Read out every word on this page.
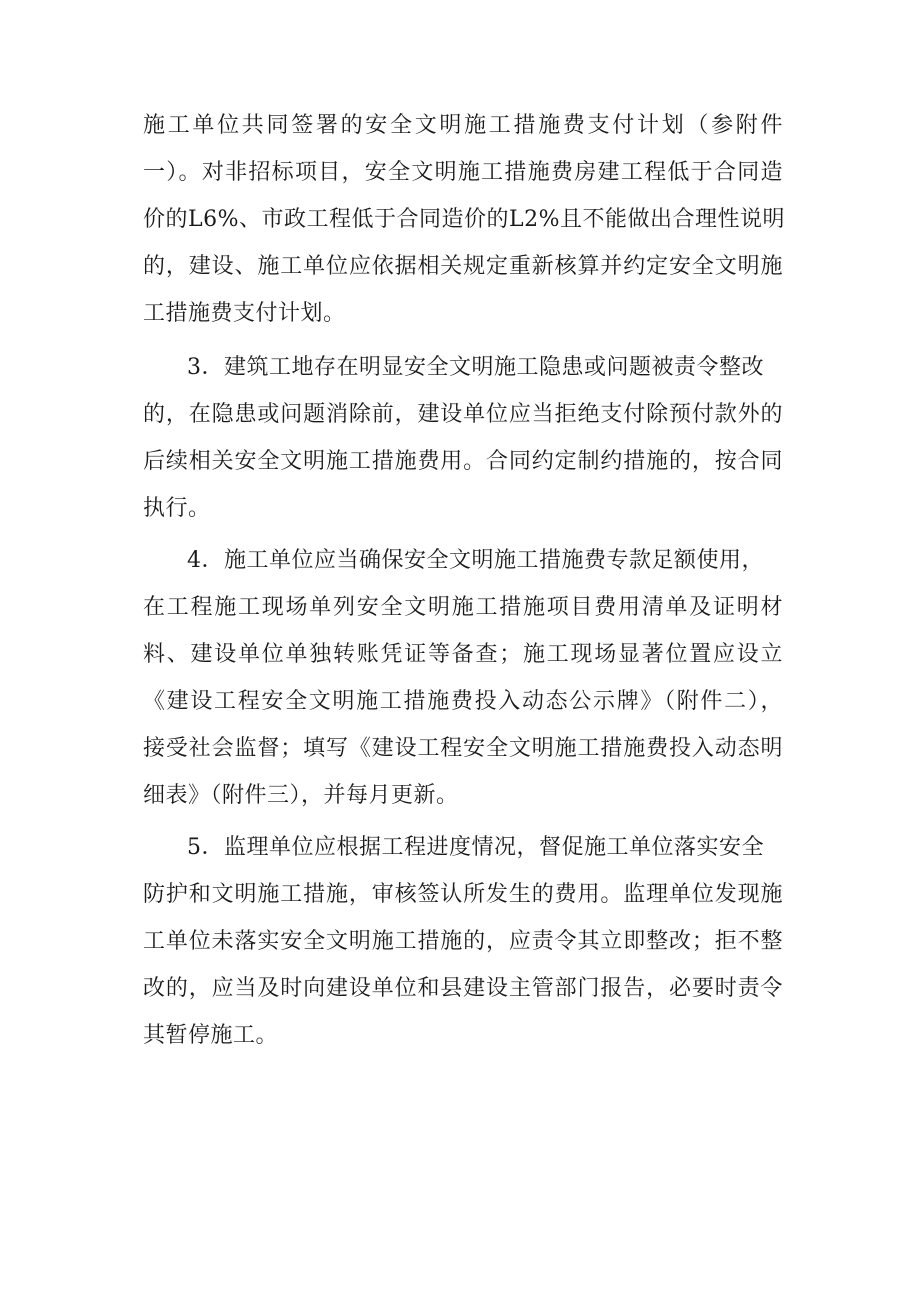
施工单位共同签署的安全文明施工措施费支付计划（参附件

一）。对非招标项目，安全文明施工措施费房建工程低于合同造

价的L6%、市政工程低于合同造价的L2%且不能做出合理性说明

的，建设、施工单位应依据相关规定重新核算并约定安全文明施

工措施费支付计划。

3．建筑工地存在明显安全文明施工隐患或问题被责令整改

的，在隐患或问题消除前，建设单位应当拒绝支付除预付款外的

后续相关安全文明施工措施费用。合同约定制约措施的，按合同

执行。

4．施工单位应当确保安全文明施工措施费专款足额使用，

在工程施工现场单列安全文明施工措施项目费用清单及证明材

料、建设单位单独转账凭证等备查；施工现场显著位置应设立

《建设工程安全文明施工措施费投入动态公示牌》（附件二），

接受社会监督；填写《建设工程安全文明施工措施费投入动态明

细表》（附件三），并每月更新。

5．监理单位应根据工程进度情况，督促施工单位落实安全

防护和文明施工措施，审核签认所发生的费用。监理单位发现施

工单位未落实安全文明施工措施的，应责令其立即整改；拒不整

改的，应当及时向建设单位和县建设主管部门报告，必要时责令

其暂停施工。
